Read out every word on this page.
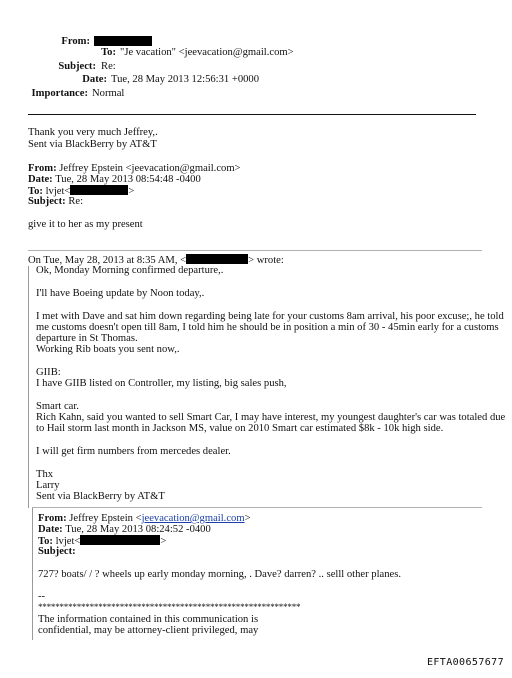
From:
To: "Je vacation" <jeevacation@gmail.com>
Subject: Re:
Date: Tue, 28 May 2013 12:56:31 +0000
Importance: Normal
Thank you very much Jeffrey,.
Sent via BlackBerry by AT&T
From: Jeffrey Epstein <jeevacation@gmail.com>
Date: Tue, 28 May 2013 08:54:48 -0400
To: lvjet<	>
Subject: Re:
give it to her as my present
On Tue, May 28, 2013 at 8:35 AM, <	> wrote:
Ok, Monday Morning confirmed departure,.
I'll have Boeing update by Noon today,.
I met with Dave and sat him down regarding being late for your customs 8am arrival, his poor excuse;, he told
me customs doesn't open till 8am, I told him he should be in position a min of 30 - 45min early for a customs
departure in St Thomas.
Working Rib boats you sent now,.
GIIB:
I have GIIB listed on Controller, my listing, big sales push,
Smart car.
Rich Kahn, said you wanted to sell Smart Car, I may have interest, my youngest daughter's car was totaled due
to Hail storm last month in Jackson MS, value on 2010 Smart car estimated $8k - 10k high side.
I will get firm numbers from mercedes dealer.
Thx
Larry
Sent via BlackBerry by AT&T
From: Jeffrey Epstein <jeevacation@gmail.com>
Date: Tue, 28 May 2013 08:24:52 -0400
To: lvjet<	>
Subject:
727? boats/ / ? wheels up early monday morning, . Dave? darren? .. selll other planes.
--
*************************************************************
The information contained in this communication is
confidential, may be attorney-client privileged, may
EFTA00657677
